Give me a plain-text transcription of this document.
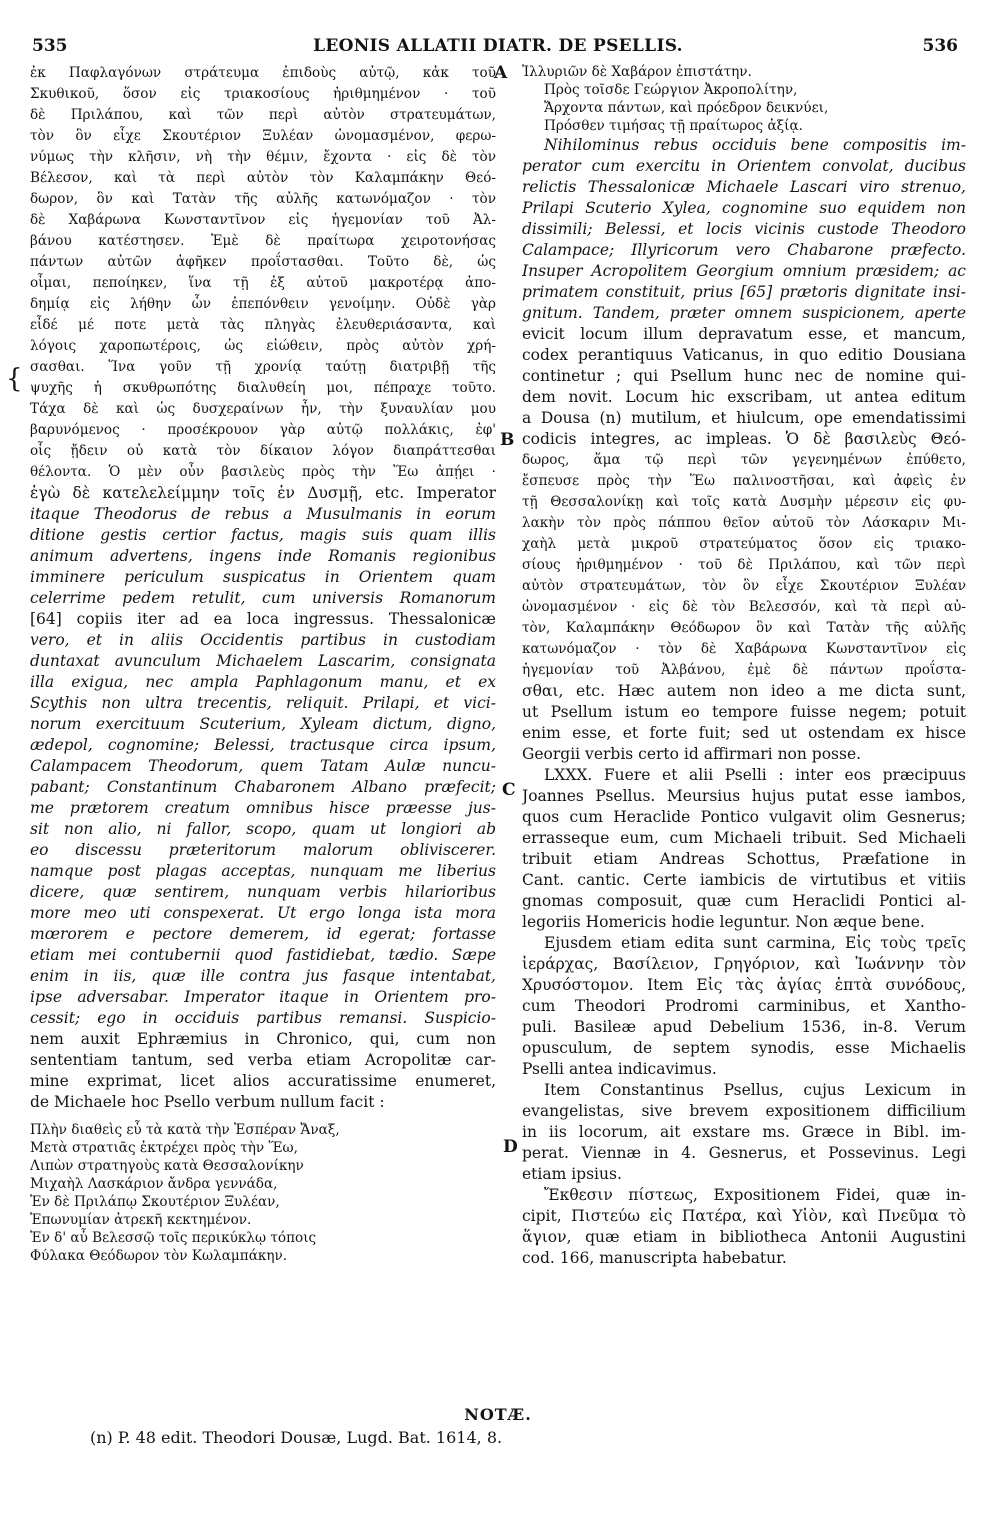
535	LEONIS ALLATII DIATR. DE PSELLIS.	536
{
A
B
C
D
ἐκ Παφλαγόνων στράτευμα ἐπιδοὺς αὐτῷ, κἀκ τοῦ
Σκυθικοῦ, ὅσον εἰς τριακοσίους ἠριθμημένον · τοῦ
δὲ Πριλάπου, καὶ τῶν περὶ αὐτὸν στρατευμάτων,
τὸν ὃν εἶχε Σκουτέριον Ξυλέαν ὠνομασμένον, φερω-
νύμως τὴν κλῆσιν, νὴ τὴν θέμιν, ἔχοντα · εἰς δὲ τὸν
Βέλεσον, καὶ τὰ περὶ αὐτὸν τὸν Καλαμπάκην Θεό-
δωρον, ὃν καὶ Τατὰν τῆς αὐλῆς κατωνόμαζον · τὸν
δὲ Χαβάρωνα Κωνσταντῖνον εἰς ἡγεμονίαν τοῦ Ἀλ-
βάνου κατέστησεν. Ἐμὲ δὲ πραίτωρα χειροτονήσας
πάντων αὐτῶν ἀφῆκεν προΐστασθαι. Τοῦτο δὲ, ὡς
οἶμαι, πεποίηκεν, ἵνα τῇ ἐξ αὐτοῦ μακροτέρᾳ ἀπο-
δημίᾳ εἰς λήθην ὧν ἐπεπόνθειν γενοίμην. Οὐδὲ γὰρ
εἶδέ μέ ποτε μετὰ τὰς πληγὰς ἐλευθεριάσαντα, καὶ
λόγοις χαροπωτέροις, ὡς εἰώθειν, πρὸς αὐτὸν χρή-
σασθαι. Ἵνα γοῦν τῇ χρονίᾳ ταύτῃ διατριβῇ τῆς
ψυχῆς ἡ σκυθρωπότης διαλυθείη μοι, πέπραχε τοῦτο.
Τάχα δὲ καὶ ὡς δυσχεραίνων ἦν, τὴν ξυναυλίαν μου
βαρυνόμενος · προσέκρουον γὰρ αὐτῷ πολλάκις, ἐφ'
οἷς ᾔδειν οὐ κατὰ τὸν δίκαιον λόγον διαπράττεσθαι
θέλοντα. Ὁ μὲν οὖν βασιλεὺς πρὸς τὴν Ἕω ἀπῄει ·
ἐγὼ δὲ κατελελείμμην τοῖς ἐν Δυσμῇ, etc. Imperator
itaque Theodorus de rebus a Musulmanis in eorum
ditione gestis certior factus, magis suis quam illis
animum advertens, ingens inde Romanis regionibus
imminere periculum suspicatus in Orientem quam
celerrime pedem retulit, cum universis Romanorum
[64] copiis iter ad ea loca ingressus. Thessalonicæ
vero, et in aliis Occidentis partibus in custodiam
duntaxat avunculum Michaelem Lascarim, consignata
illa exigua, nec ampla Paphlagonum manu, et ex
Scythis non ultra trecentis, reliquit. Prilapi, et vici-
norum exercituum Scuterium, Xyleam dictum, digno,
ædepol, cognomine; Belessi, tractusque circa ipsum,
Calampacem Theodorum, quem Tatam Aulæ nuncu-
pabant; Constantinum Chabaronem Albano præfecit;
me prætorem creatum omnibus hisce præesse jus-
sit non alio, ni fallor, scopo, quam ut longiori ab
eo discessu præteritorum malorum obliviscerer.
namque post plagas acceptas, nunquam me liberius
dicere, quæ sentirem, nunquam verbis hilarioribus
more meo uti conspexerat. Ut ergo longa ista mora
mœrorem e pectore demerem, id egerat; fortasse
etiam mei contubernii quod fastidiebat, tædio. Sæpe
enim in iis, quæ ille contra jus fasque intentabat,
ipse adversabar. Imperator itaque in Orientem pro-
cessit; ego in occiduis partibus remansi. Suspicio-
nem auxit Ephræmius in Chronico, qui, cum non
sententiam tantum, sed verba etiam Acropolitæ car-
mine exprimat, licet alios accuratissime enumeret,
de Michaele hoc Psello verbum nullum facit :
Πλὴν διαθεὶς εὖ τὰ κατὰ τὴν Ἑσπέραν Ἄναξ,
Μετὰ στρατιᾶς ἐκτρέχει πρὸς τὴν Ἕω,
Λιπὼν στρατηγοὺς κατὰ Θεσσαλονίκην
Μιχαὴλ Λασκάριον ἄνδρα γεννάδα,
Ἐν δὲ Πριλάπῳ Σκουτέριον Ξυλέαν,
Ἐπωνυμίαν ἀτρεκῆ κεκτημένον.
Ἐν δ' αὖ Βελεσσῷ τοῖς περικύκλῳ τόποις
Φύλακα Θεόδωρον τὸν Κωλαμπάκην.
Ἰλλυριῶν δὲ Χαβάρον ἐπιστάτην.
Πρὸς τοῖσδε Γεώργιον Ἀκροπολίτην,
Ἄρχοντα πάντων, καὶ πρόεδρον δεικνύει,
Πρόσθεν τιμήσας τῇ πραίτωρος ἀξίᾳ.
Nihilominus rebus occiduis bene compositis im-
perator cum exercitu in Orientem convolat, ducibus
relictis Thessalonicæ Michaele Lascari viro strenuo,
Prilapi Scuterio Xylea, cognomine suo equidem non
dissimili; Belessi, et locis vicinis custode Theodoro
Calampace; Illyricorum vero Chabarone præfecto.
Insuper Acropolitem Georgium omnium præsidem; ac
primatem constituit, prius [65] prætoris dignitate insi-
gnitum. Tandem, præter omnem suspicionem, aperte
evicit locum illum depravatum esse, et mancum,
codex perantiquus Vaticanus, in quo editio Dousiana
continetur ; qui Psellum hunc nec de nomine qui-
dem novit. Locum hic exscribam, ut antea editum
a Dousa (n) mutilum, et hiulcum, ope emendatissimi
codicis integres, ac impleas. Ὁ δὲ βασιλεὺς Θεό-
δωρος, ἅμα τῷ περὶ τῶν γεγενημένων ἐπύθετο,
ἔσπευσε πρὸς τὴν Ἕω παλινοστῆσαι, καὶ ἀφεὶς ἐν
τῇ Θεσσαλονίκῃ καὶ τοῖς κατὰ Δυσμὴν μέρεσιν εἰς φυ-
λακὴν τὸν πρὸς πάππου θεῖον αὐτοῦ τὸν Λάσκαριν Μι-
χαὴλ μετὰ μικροῦ στρατεύματος ὅσον εἰς τριακο-
σίους ἠριθμημένον · τοῦ δὲ Πριλάπου, καὶ τῶν περὶ
αὐτὸν στρατευμάτων, τὸν ὃν εἶχε Σκουτέριον Ξυλέαν
ὠνομασμένον · εἰς δὲ τὸν Βελεσσόν, καὶ τὰ περὶ αὐ-
τὸν, Καλαμπάκην Θεόδωρον ὃν καὶ Τατὰν τῆς αὐλῆς
κατωνόμαζον · τὸν δὲ Χαβάρωνα Κωνσταντῖνον εἰς
ἡγεμονίαν τοῦ Ἀλβάνου, ἐμὲ δὲ πάντων προΐστα-
σθαι, etc. Hæc autem non ideo a me dicta sunt,
ut Psellum istum eo tempore fuisse negem; potuit
enim esse, et forte fuit; sed ut ostendam ex hisce
Georgii verbis certo id affirmari non posse.
LXXX. Fuere et alii Pselli : inter eos præcipuus
Joannes Psellus. Meursius hujus putat esse iambos,
quos cum Heraclide Pontico vulgavit olim Gesnerus;
errasseque eum, cum Michaeli tribuit. Sed Michaeli
tribuit etiam Andreas Schottus, Præfatione in
Cant. cantic. Certe iambicis de virtutibus et vitiis
gnomas composuit, quæ cum Heraclidi Pontici al-
legoriis Homericis hodie leguntur. Non æque bene.
Ejusdem etiam edita sunt carmina, Εἰς τοὺς τρεῖς
ἱεράρχας, Βασίλειον, Γρηγόριον, καὶ Ἰωάννην τὸν
Χρυσόστομον. Item Εἰς τὰς ἁγίας ἑπτὰ συνόδους,
cum Theodori Prodromi carminibus, et Xantho-
puli. Basileæ apud Debelium 1536, in-8. Verum
opusculum, de septem synodis, esse Michaelis
Pselli antea indicavimus.
Item Constantinus Psellus, cujus Lexicum in
evangelistas, sive brevem expositionem difficilium
in iis locorum, ait exstare ms. Græce in Bibl. im-
perat. Viennæ in 4. Gesnerus, et Possevinus. Legi
etiam ipsius.
Ἔκθεσιν πίστεως, Expositionem Fidei, quæ in-
cipit, Πιστεύω εἰς Πατέρα, καὶ Υἱὸν, καὶ Πνεῦμα τὸ
ἅγιον, quæ etiam in bibliotheca Antonii Augustini
cod. 166, manuscripta habebatur.
NOTÆ.
(n) P. 48 edit. Theodori Dousæ, Lugd. Bat. 1614, 8.
